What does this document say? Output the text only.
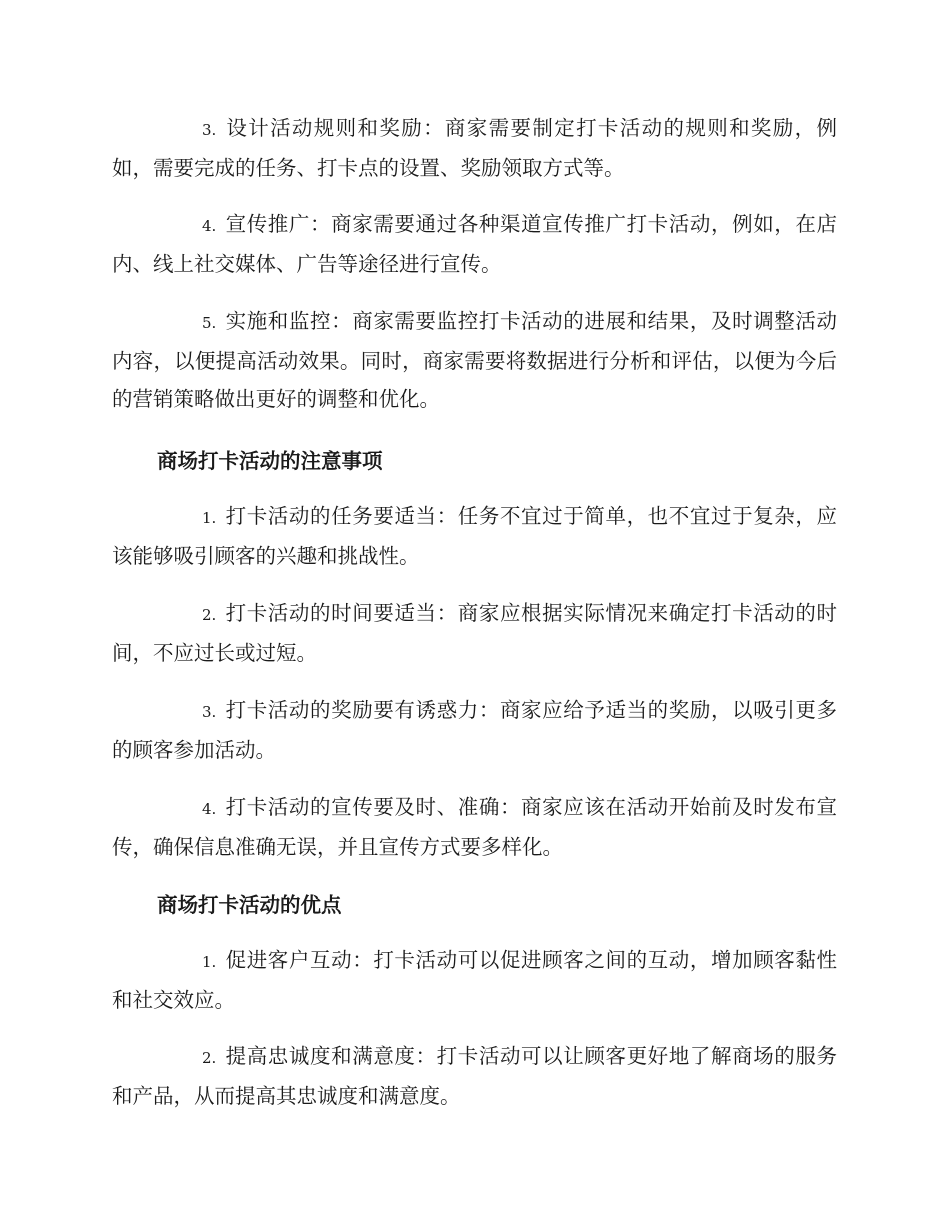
3. 设计活动规则和奖励：商家需要制定打卡活动的规则和奖励，例如，需要完成的任务、打卡点的设置、奖励领取方式等。

4. 宣传推广：商家需要通过各种渠道宣传推广打卡活动，例如，在店内、线上社交媒体、广告等途径进行宣传。

5. 实施和监控：商家需要监控打卡活动的进展和结果，及时调整活动内容，以便提高活动效果。同时，商家需要将数据进行分析和评估，以便为今后的营销策略做出更好的调整和优化。

商场打卡活动的注意事项

1. 打卡活动的任务要适当：任务不宜过于简单，也不宜过于复杂，应该能够吸引顾客的兴趣和挑战性。

2. 打卡活动的时间要适当：商家应根据实际情况来确定打卡活动的时间，不应过长或过短。

3. 打卡活动的奖励要有诱惑力：商家应给予适当的奖励，以吸引更多的顾客参加活动。

4. 打卡活动的宣传要及时、准确：商家应该在活动开始前及时发布宣传，确保信息准确无误，并且宣传方式要多样化。

商场打卡活动的优点

1. 促进客户互动：打卡活动可以促进顾客之间的互动，增加顾客黏性和社交效应。

2. 提高忠诚度和满意度：打卡活动可以让顾客更好地了解商场的服务和产品，从而提高其忠诚度和满意度。
